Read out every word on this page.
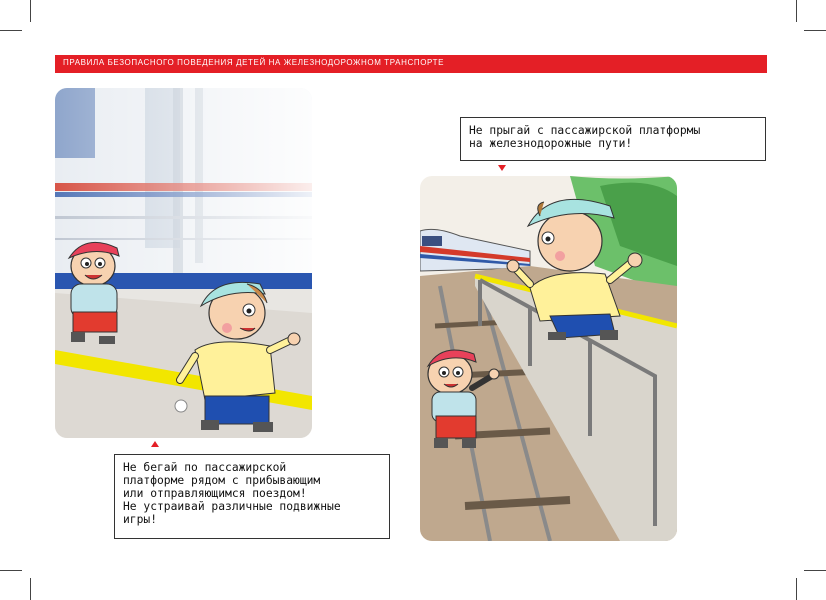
ПРАВИЛА БЕЗОПАСНОГО ПОВЕДЕНИЯ ДЕТЕЙ НА ЖЕЛЕЗНОДОРОЖНОМ ТРАНСПОРТЕ
Не бегай по пассажирской
платформе рядом с прибывающим
или отправляющимся поездом!
Не устраивай различные подвижные
игры!
Не прыгай с пассажирской платформы
на железнодорожные пути!
